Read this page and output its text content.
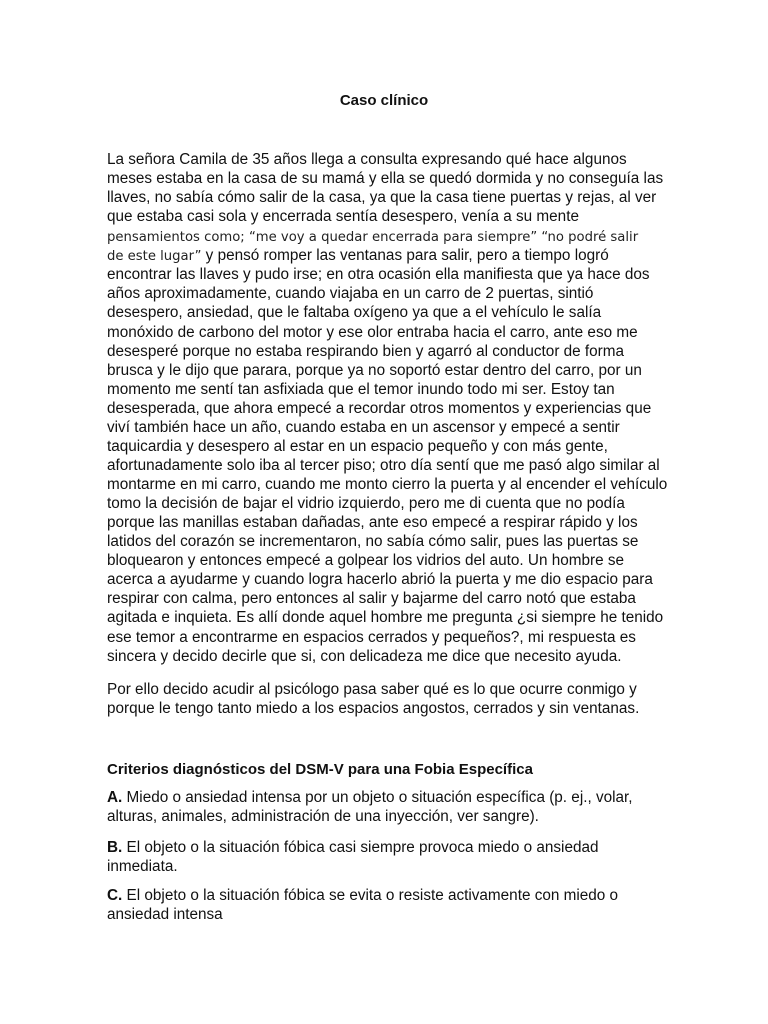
Caso clínico
La señora Camila de 35 años llega a consulta expresando qué hace algunos
meses estaba en la casa de su mamá y ella se quedó dormida y no conseguía las
llaves, no sabía cómo salir de la casa, ya que la casa tiene puertas y rejas, al ver
que estaba casi sola y encerrada sentía desespero, venía a su mente
pensamientos como; “me voy a quedar encerrada para siempre” “no podré salir
de este lugar” y pensó romper las ventanas para salir, pero a tiempo logró
encontrar las llaves y pudo irse; en otra ocasión ella manifiesta que ya hace dos
años aproximadamente, cuando viajaba en un carro de 2 puertas, sintió
desespero, ansiedad, que le faltaba oxígeno ya que a el vehículo le salía
monóxido de carbono del motor y ese olor entraba hacia el carro, ante eso me
desesperé porque no estaba respirando bien y agarró al conductor de forma
brusca y le dijo que parara, porque ya no soportó estar dentro del carro, por un
momento me sentí tan asfixiada que el temor inundo todo mi ser. Estoy tan
desesperada, que ahora empecé a recordar otros momentos y experiencias que
viví también hace un año, cuando estaba en un ascensor y empecé a sentir
taquicardia y desespero al estar en un espacio pequeño y con más gente,
afortunadamente solo iba al tercer piso; otro día sentí que me pasó algo similar al
montarme en mi carro, cuando me monto cierro la puerta y al encender el vehículo
tomo la decisión de bajar el vidrio izquierdo, pero me di cuenta que no podía
porque las manillas estaban dañadas, ante eso empecé a respirar rápido y los
latidos del corazón se incrementaron, no sabía cómo salir, pues las puertas se
bloquearon y entonces empecé a golpear los vidrios del auto. Un hombre se
acerca a ayudarme y cuando logra hacerlo abrió la puerta y me dio espacio para
respirar con calma, pero entonces al salir y bajarme del carro notó que estaba
agitada e inquieta. Es allí donde aquel hombre me pregunta ¿si siempre he tenido
ese temor a encontrarme en espacios cerrados y pequeños?, mi respuesta es
sincera y decido decirle que si, con delicadeza me dice que necesito ayuda.
Por ello decido acudir al psicólogo pasa saber qué es lo que ocurre conmigo y
porque le tengo tanto miedo a los espacios angostos, cerrados y sin ventanas.
Criterios diagnósticos del DSM-V para una Fobia Específica
A. Miedo o ansiedad intensa por un objeto o situación específica (p. ej., volar,
alturas, animales, administración de una inyección, ver sangre).
B. El objeto o la situación fóbica casi siempre provoca miedo o ansiedad
inmediata.
C. El objeto o la situación fóbica se evita o resiste activamente con miedo o
ansiedad intensa
